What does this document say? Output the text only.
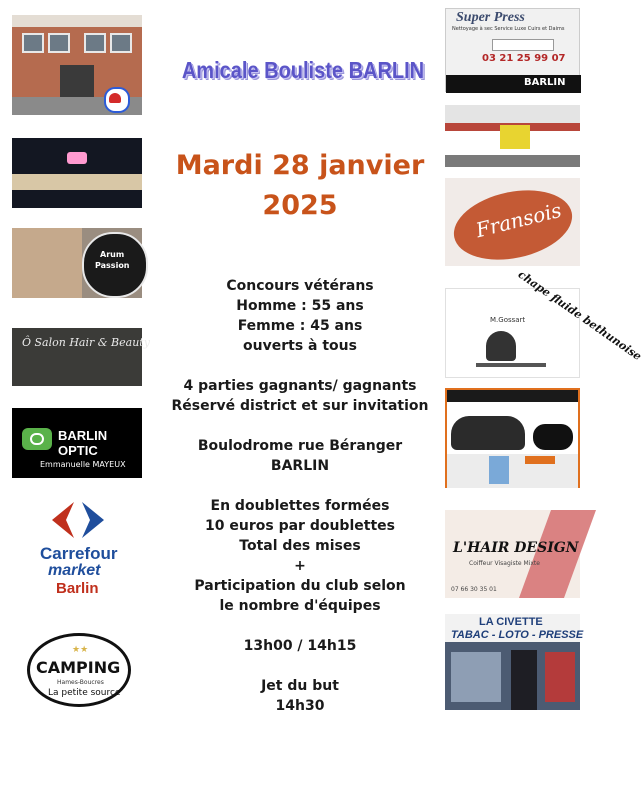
Amicale Bouliste BARLIN
Mardi 28 janvier
2025
Concours vétérans
Homme : 55 ans
Femme : 45 ans
ouverts à tous
4 parties gagnants/ gagnants
Réservé district et sur invitation
Boulodrome rue Béranger
BARLIN
En doublettes formées
10 euros par doublettes
Total des mises
+
Participation du club selon
le nombre d'équipes
13h00 / 14h15
Jet du but
14h30
Arum
Passion
Ô Salon Hair & Beauty
BARLIN
OPTIC
Emmanuelle MAYEUX
Carrefour
market
Barlin
★★
CAMPING
Hames-Boucres
La petite source
Super Press
Nettoyage à sec Service Luxe Cuirs et Daims
03 21 25 99 07
BARLIN
Fransois
chape fluide bethunoise
M.Gossart
L'HAIR DESIGN
Coiffeur Visagiste Mixte
07 66 30 35 01
LA CIVETTE
TABAC - LOTO - PRESSE
